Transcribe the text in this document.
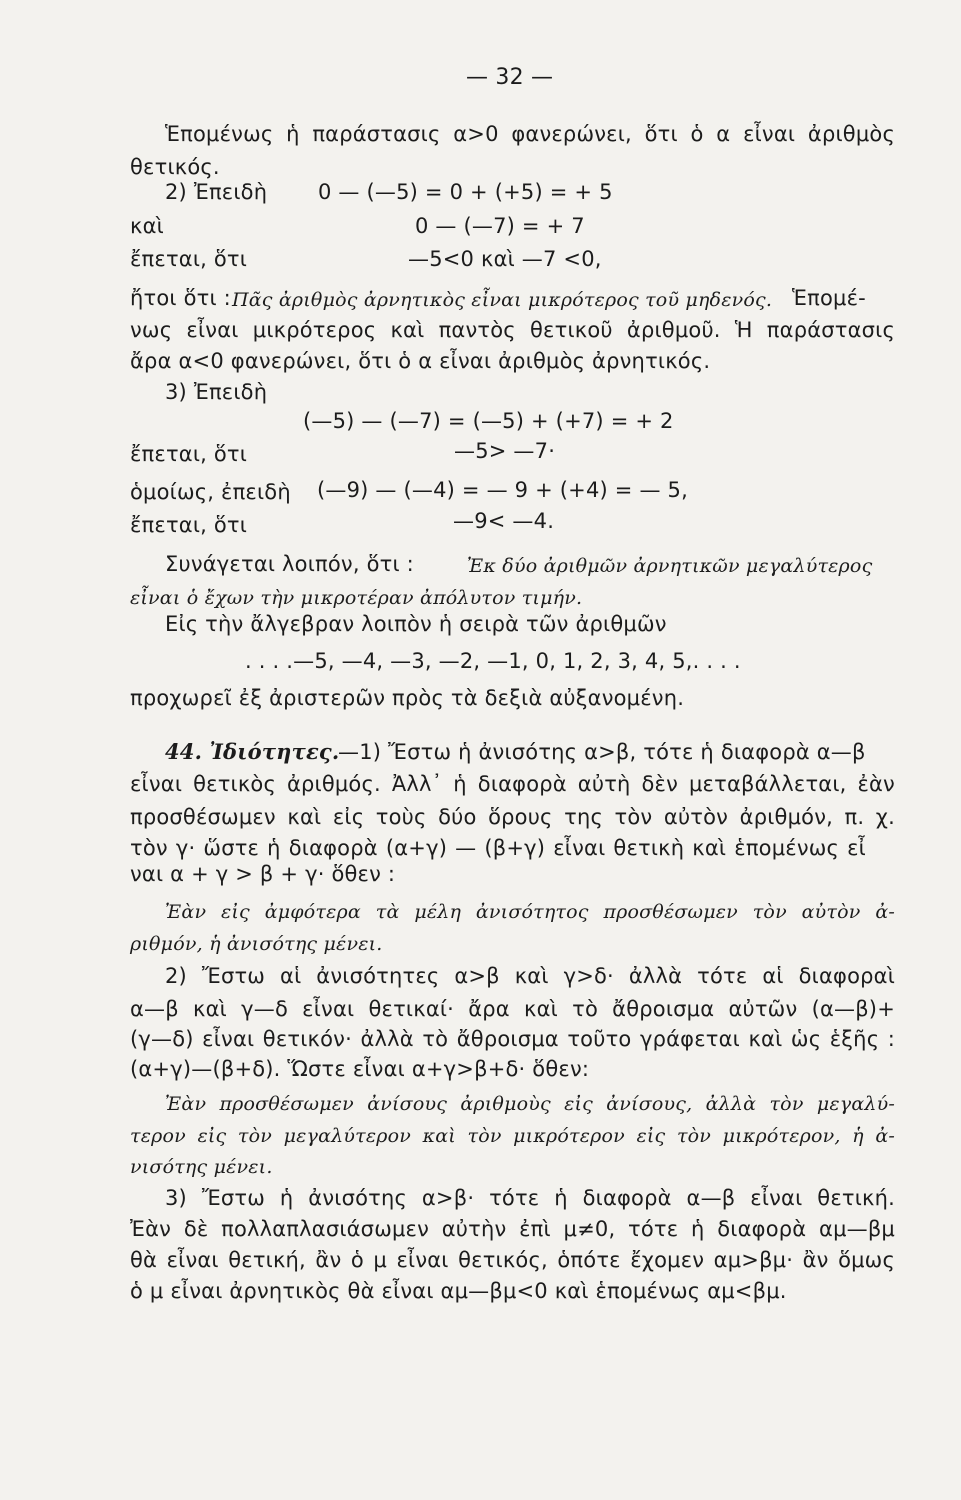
— 32 —
Ἑπομένως ἡ παράστασις α>0 φανερώνει, ὅτι ὁ α εἶναι ἀριθμὸς
θετικός.
2) Ἐπειδὴ 0 — (—5) = 0 + (+5) = + 5
καὶ	0 — (—7) = + 7
ἔπεται, ὅτι	—5<0 καὶ —7 <0,
ἤτοι ὅτι : Πᾶς ἀριθμὸς ἀρνητικὸς εἶναι μικρότερος τοῦ μηδενός. Ἑπομέ-
νως εἶναι μικρότερος καὶ παντὸς θετικοῦ ἀριθμοῦ. Ἡ παράστασις
ἄρα α<0 φανερώνει, ὅτι ὁ α εἶναι ἀριθμὸς ἀρνητικός.
3) Ἐπειδὴ
(—5) — (—7) = (—5) + (+7) = + 2
ἔπεται, ὅτι	—5> —7·
ὁμοίως, ἐπειδὴ (—9) — (—4) = — 9 + (+4) = — 5,
ἔπεται, ὅτι	—9< —4.
Συνάγεται λοιπόν, ὅτι :	Ἐκ δύο ἀριθμῶν ἀρνητικῶν μεγαλύτερος
εἶναι ὁ ἔχων τὴν μικροτέραν ἀπόλυτον τιμήν.
Εἰς τὴν ἄλγεβραν λοιπὸν ἡ σειρὰ τῶν ἀριθμῶν
. . . .—5, —4, —3, —2, —1, 0, 1, 2, 3, 4, 5,. . . .
προχωρεῖ ἐξ ἀριστερῶν πρὸς τὰ δεξιὰ αὐξανομένη.
44. Ἰδιότητες.
—1) Ἔστω ἡ ἀνισότης α>β, τότε ἡ διαφορὰ α—β
εἶναι θετικὸς ἀριθμός. Ἀλλ᾿ ἡ διαφορὰ αὐτὴ δὲν μεταβάλλεται, ἐὰν
προσθέσωμεν καὶ εἰς τοὺς δύο ὅρους της τὸν αὐτὸν ἀριθμόν, π. χ.
τὸν γ· ὥστε ἡ διαφορὰ (α+γ) — (β+γ) εἶναι θετικὴ καὶ ἑπομένως εἶ
ναι α + γ > β + γ· ὅθεν :
Ἐὰν εἰς ἀμφότερα τὰ μέλη ἀνισότητος προσθέσωμεν τὸν αὐτὸν ἀ-
ριθμόν, ἡ ἀνισότης μένει.
2) Ἔστω αἱ ἀνισότητες α>β καὶ γ>δ· ἀλλὰ τότε αἱ διαφοραὶ
α—β καὶ γ—δ εἶναι θετικαί· ἄρα καὶ τὸ ἄθροισμα αὐτῶν (α—β)+
(γ—δ) εἶναι θετικόν· ἀλλὰ τὸ ἄθροισμα τοῦτο γράφεται καὶ ὡς ἑξῆς :
(α+γ)—(β+δ). Ὥστε εἶναι α+γ>β+δ· ὅθεν:
Ἐὰν προσθέσωμεν ἀνίσους ἀριθμοὺς εἰς ἀνίσους, ἀλλὰ τὸν μεγαλύ-
τερον εἰς τὸν μεγαλύτερον καὶ τὸν μικρότερον εἰς τὸν μικρότερον, ἡ ἀ-
νισότης μένει.
3) Ἔστω ἡ ἀνισότης α>β· τότε ἡ διαφορὰ α—β εἶναι θετική.
Ἐὰν δὲ πολλαπλασιάσωμεν αὐτὴν ἐπὶ μ≠0, τότε ἡ διαφορὰ αμ—βμ
θὰ εἶναι θετική, ἂν ὁ μ εἶναι θετικός, ὁπότε ἔχομεν αμ>βμ· ἂν ὅμως
ὁ μ εἶναι ἀρνητικὸς θὰ εἶναι αμ—βμ<0 καὶ ἑπομένως αμ<βμ.
